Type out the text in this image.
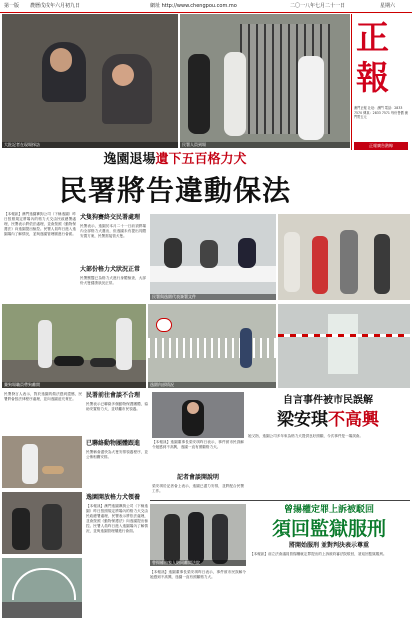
第一版 農曆戊戌年六月初九日	網址 http://www.chengpou.com.mo	二〇一八年七月二十一日	星期六
大批記者在現場採訪	民署人員到場
正
報
澳門正報 社址：澳門 電話：2833 7570 傳真：2833 7571 每份售價 澳門幣五元
正報廣告熱線
逸園退場遺下五百格力犬
民署將告違動保法
【本報訊】澳門逸園賽狗公司（下稱逸園）昨日按照規定將場內的格力犬交由民政總署處理，民署表示將依法處理，並會按照《動物保護法》向逸園提出檢控。民署人員昨日進入逸園場內了解情況，並與逸園管理層進行會面。
犬隻狗賽終交民署處理
民署表示，逸園於本月二十一日前須將場內全部格力犬遷出，但逸園未有提出具體安置方案，民署需接管犬隻。
大部份格力犬狀況正常
民署獸醫已為格力犬進行身體檢查，大部份犬隻健康狀況正常。
民署與逸園代表簽署文件
賽狗場職員帶狗離開	逸園內部情況
民署發言人表示，對於逸園的做法感到遺憾，民署將會按法律程序處理，並向逸園追究責任。	民署前往會談不合理
民署表示已聯絡多個動物保護團體，協助安置格力犬，並呼籲市民領養。
已聯絡動物團體跟進
民署稱會盡快為犬隻安排領養程序，並公佈相關安排。
逸園開放格力犬領養
【本報訊】澳門逸園賽狗公司（下稱逸園）昨日按照規定將場內的格力犬交由民政總署處理，民署表示將依法處理，並會按照《動物保護法》向逸園提出檢控。民署人員昨日進入逸園場內了解情況，並與逸園管理層進行會面。
自言事件被市民誤解
梁安琪不高興
【本報訊】逸園董事長梁安琪昨日表示，事件被市民誤解令她感到不高興，逸園一直有照顧格力犬。
記者會談開說明
梁安琪於記者會上表示，逸園已盡力安排，並將配合民署工作。
她又指，逸園公司多年來為格力犬提供良好照顧，今次事件是一場誤會。
曾揚權定罪上訴被駁回
須回監獄服刑
將開始服刑 並對判決表示尊重
【本報訊】前立法會議員曾揚權就定罪提出的上訴被終審法院駁回，須返回監獄服刑。
曾揚權由家人陪同離開法院
【本報訊】逸園董事長梁安琪昨日表示，事件被市民誤解令她感到不高興，逸園一直有照顧格力犬。
